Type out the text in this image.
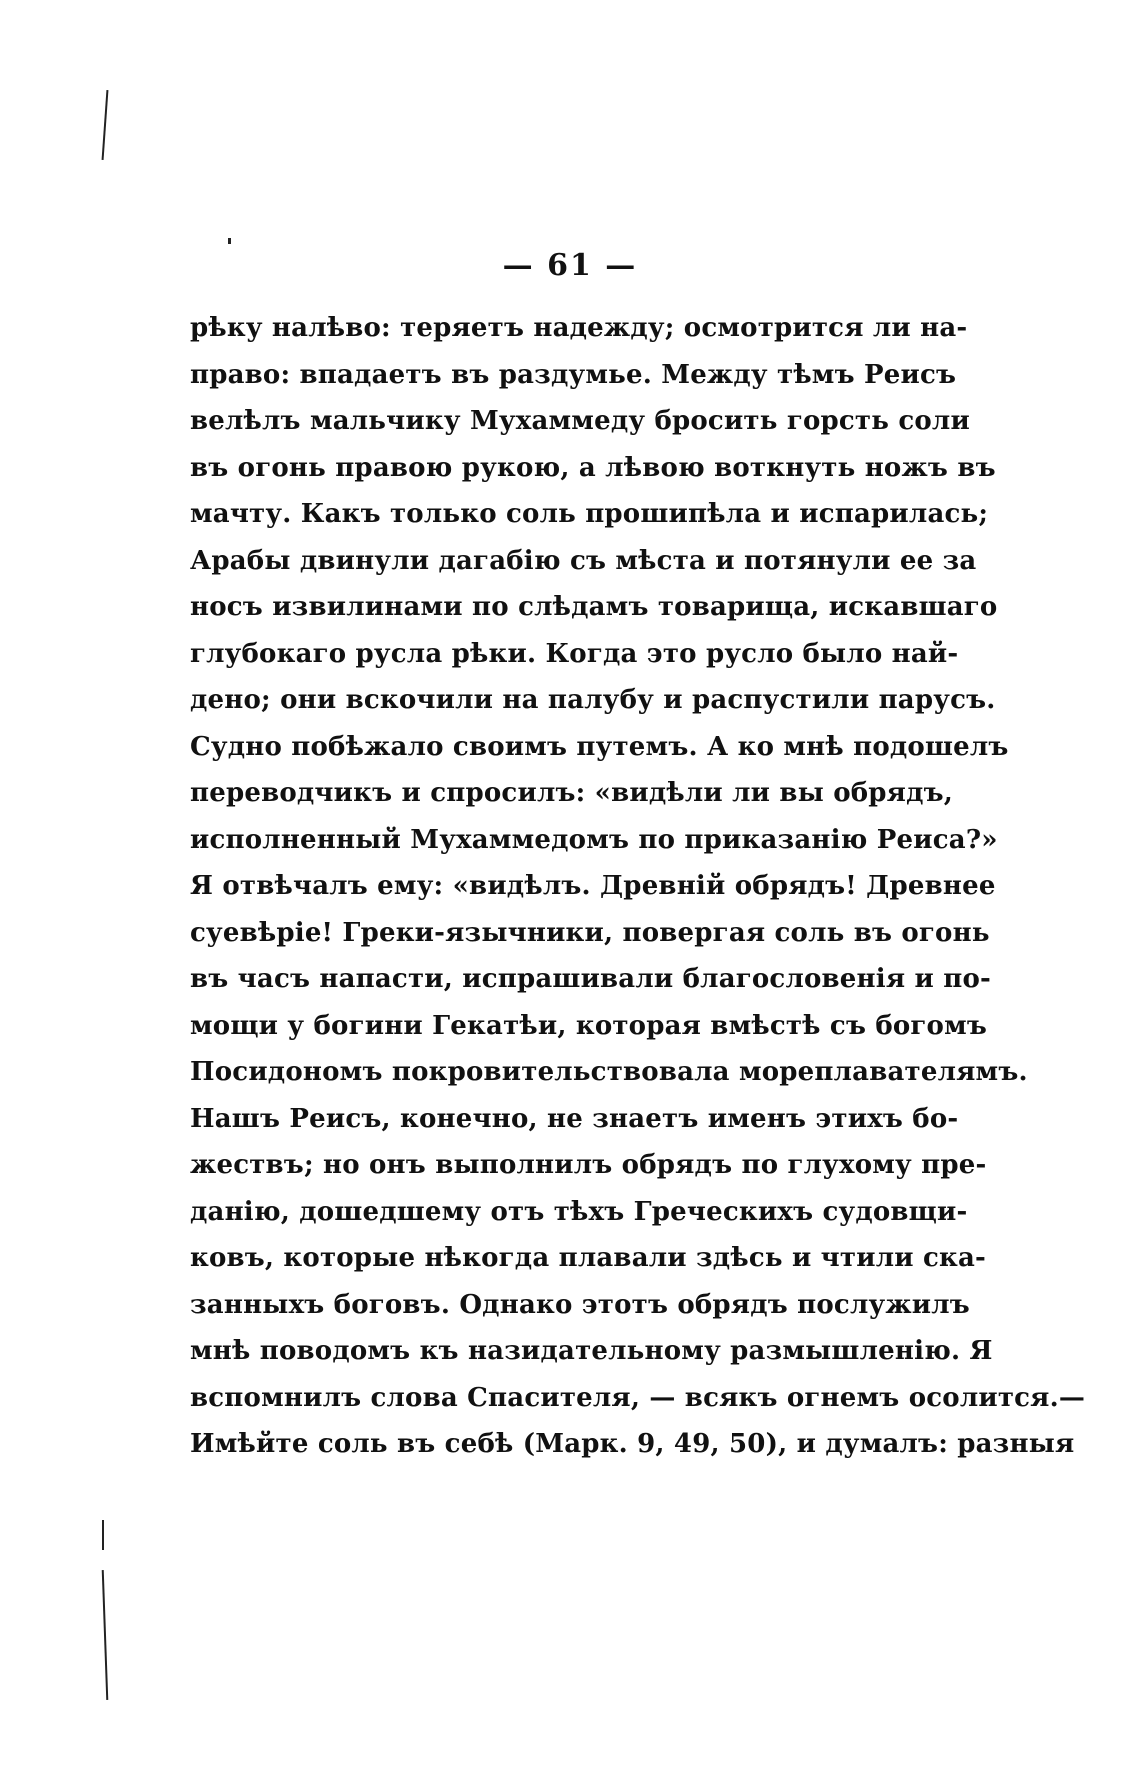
— 61 —
рѣку налѣво: теряетъ надежду; осмотрится ли на-
право: впадаетъ въ раздумье. Между тѣмъ Реисъ
велѣлъ мальчику Мухаммеду бросить горсть соли
въ огонь правою рукою, а лѣвою воткнуть ножъ въ
мачту. Какъ только соль прошипѣла и испарилась;
Арабы двинули дагабію съ мѣста и потянули ее за
носъ извилинами по слѣдамъ товарища, искавшаго
глубокаго русла рѣки. Когда это русло было най-
дено; они вскочили на палубу и распустили парусъ.
Судно побѣжало своимъ путемъ. А ко мнѣ подошелъ
переводчикъ и спросилъ: «видѣли ли вы обрядъ,
исполненный Мухаммедомъ по приказанію Реиса?»
Я отвѣчалъ ему: «видѣлъ. Древній обрядъ! Древнее
суевѣріе! Греки-язычники, повергая соль въ огонь
въ часъ напасти, испрашивали благословенія и по-
мощи у богини Гекатѣи, которая вмѣстѣ съ богомъ
Посидономъ покровительствовала мореплавателямъ.
Нашъ Реисъ, конечно, не знаетъ именъ этихъ бо-
жествъ; но онъ выполнилъ обрядъ по глухому пре-
данію, дошедшему отъ тѣхъ Греческихъ судовщи-
ковъ, которые нѣкогда плавали здѣсь и чтили ска-
занныхъ боговъ. Однако этотъ обрядъ послужилъ
мнѣ поводомъ къ назидательному размышленію. Я
вспомнилъ слова Спасителя, — всякъ огнемъ осолится.—
Имѣйте соль въ себѣ (Марк. 9, 49, 50), и думалъ: разныя
